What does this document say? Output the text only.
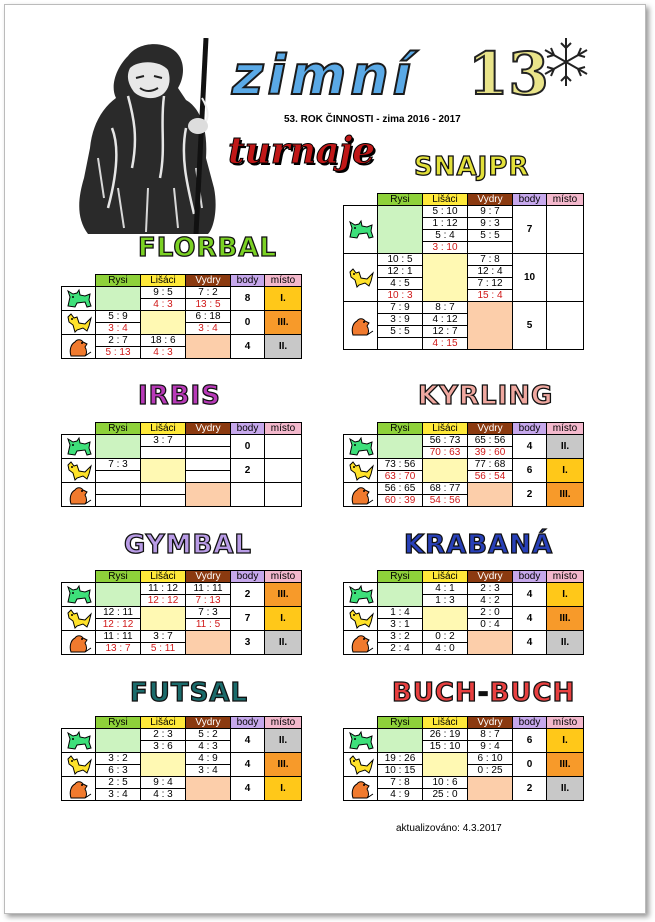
zimní 13
53. ROK ČINNOSTI - zima 2016 - 2017
turnaje
FLORBAL
SNAJPR
IRBIS	KYRLING
GYMBAL	KRABANÁ
FUTSAL	BUCH-BUCH
	Rysi	Lišáci	Vydry	body	místo

		9 : 5	7 : 2	8	I.
		4 : 3	13 : 5		

	5 : 9		6 : 18	0	III.
	3 : 4		3 : 4		

	2 : 7	18 : 6		4	II.
	5 : 13	4 : 3			
	Rysi	Lišáci	Vydry	body	místo

		5 : 10	9 : 7	7	
		1 : 12	9 : 3		
		5 : 4	5 : 5		
		3 : 10			

	10 : 5		7 : 8	10	
	12 : 1		12 : 4		
	4 : 5		7 : 12		
	10 : 3		15 : 4		

	7 : 9	8 : 7		5	
	3 : 9	4 : 12			
	5 : 5	12 : 7			
		4 : 15			
	Rysi	Lišáci	Vydry	body	místo

		3 : 7		0	

	7 : 3			2	

	Rysi	Lišáci	Vydry	body	místo

		56 : 73	65 : 56	4	II.
		70 : 63	39 : 60		

	73 : 56		77 : 68	6	I.
	63 : 70		56 : 54		

	56 : 65	68 : 77		2	III.
	60 : 39	54 : 56			
	Rysi	Lišáci	Vydry	body	místo

		11 : 12	11 : 11	2	III.
		12 : 12	7 : 13		

	12 : 11		7 : 3	7	I.
	12 : 12		11 : 5		

	11 : 11	3 : 7		3	II.
	13 : 7	5 : 11			
	Rysi	Lišáci	Vydry	body	místo

		4 : 1	2 : 3	4	I.
		1 : 3	4 : 2		

	1 : 4		2 : 0	4	III.
	3 : 1		0 : 4		

	3 : 2	0 : 2		4	II.
	2 : 4	4 : 0			
	Rysi	Lišáci	Vydry	body	místo

		2 : 3	5 : 2	4	II.
		3 : 6	4 : 3		

	3 : 2		4 : 9	4	III.
	6 : 3		3 : 4		

	2 : 5	9 : 4		4	I.
	3 : 4	4 : 3			
	Rysi	Lišáci	Vydry	body	místo

		26 : 19	8 : 7	6	I.
		15 : 10	9 : 4		

	19 : 26		6 : 10	0	III.
	10 : 15		0 : 25		

	7 : 8	10 : 6		2	II.
	4 : 9	25 : 0			
aktualizováno: 4.3.2017
